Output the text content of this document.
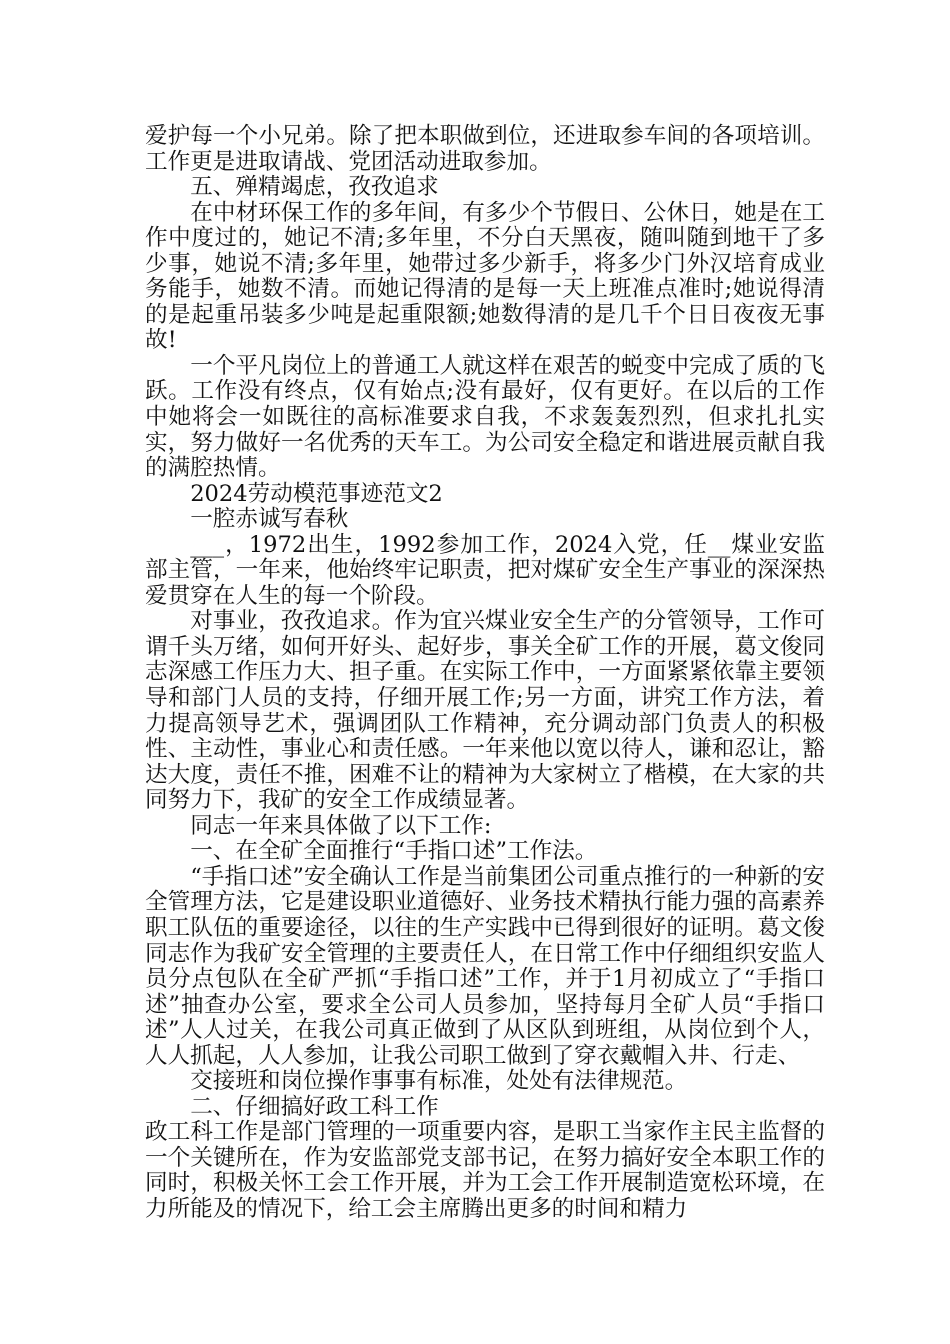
爱护每一个小兄弟。除了把本职做到位，还进取参车间的各项培训。工作更是进取请战、党团活动进取参加。

五、殚精竭虑，孜孜追求

在中材环保工作的多年间，有多少个节假日、公休日，她是在工作中度过的，她记不清;多年里，不分白天黑夜，随叫随到地干了多少事，她说不清;多年里，她带过多少新手，将多少门外汉培育成业务能手，她数不清。而她记得清的是每一天上班准点准时;她说得清的是起重吊装多少吨是起重限额;她数得清的是几千个日日夜夜无事故!

一个平凡岗位上的普通工人就这样在艰苦的蜕变中完成了质的飞跃。工作没有终点，仅有始点;没有最好，仅有更好。在以后的工作中她将会一如既往的高标准要求自我，不求轰轰烈烈，但求扎扎实实，努力做好一名优秀的天车工。为公司安全稳定和谐进展贡献自我的满腔热情。

2024劳动模范事迹范文2

一腔赤诚写春秋

___，1972出生，1992参加工作，2024入党，任__煤业安监部主管，一年来，他始终牢记职责，把对煤矿安全生产事业的深深热爱贯穿在人生的每一个阶段。

对事业，孜孜追求。作为宜兴煤业安全生产的分管领导，工作可谓千头万绪，如何开好头、起好步，事关全矿工作的开展，葛文俊同志深感工作压力大、担子重。在实际工作中，一方面紧紧依靠主要领导和部门人员的支持，仔细开展工作;另一方面，讲究工作方法，着力提高领导艺术，强调团队工作精神，充分调动部门负责人的积极性、主动性，事业心和责任感。一年来他以宽以待人，谦和忍让，豁达大度，责任不推，困难不让的精神为大家树立了楷模，在大家的共同努力下，我矿的安全工作成绩显著。

同志一年来具体做了以下工作:

一、在全矿全面推行“手指口述”工作法。

“手指口述”安全确认工作是当前集团公司重点推行的一种新的安全管理方法，它是建设职业道德好、业务技术精执行能力强的高素养职工队伍的重要途径，以往的生产实践中已得到很好的证明。葛文俊同志作为我矿安全管理的主要责任人，在日常工作中仔细组织安监人员分点包队在全矿严抓“手指口述”工作，并于1月初成立了“手指口述”抽查办公室，要求全公司人员参加，坚持每月全矿人员“手指口述”人人过关，在我公司真正做到了从区队到班组，从岗位到个人，人人抓起，人人参加，让我公司职工做到了穿衣戴帽入井、行走、

交接班和岗位操作事事有标准，处处有法律规范。

二、仔细搞好政工科工作

政工科工作是部门管理的一项重要内容，是职工当家作主民主监督的一个关键所在，作为安监部党支部书记，在努力搞好安全本职工作的同时，积极关怀工会工作开展，并为工会工作开展制造宽松环境，在力所能及的情况下，给工会主席腾出更多的时间和精力
